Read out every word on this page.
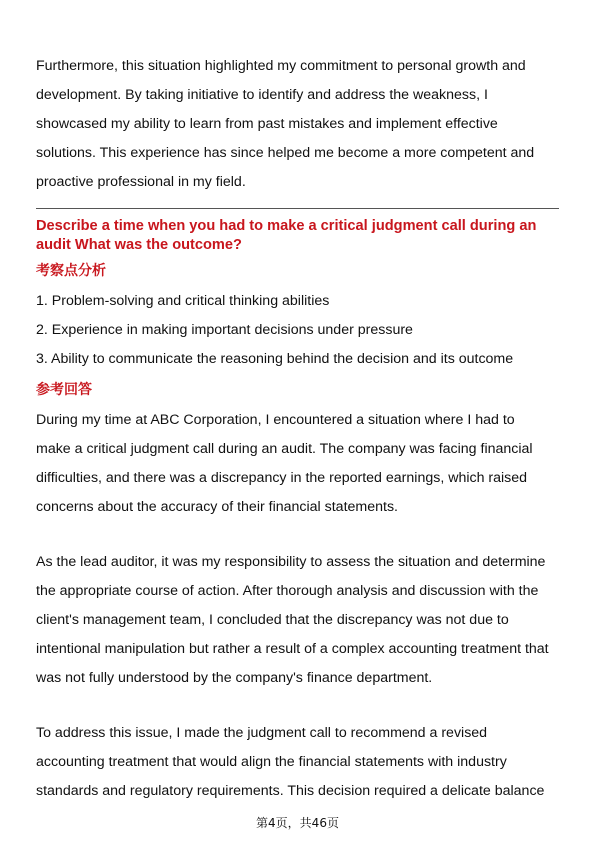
Furthermore, this situation highlighted my commitment to personal growth and

development. By taking initiative to identify and address the weakness, I

showcased my ability to learn from past mistakes and implement effective

solutions. This experience has since helped me become a more competent and

proactive professional in my field.

Describe a time when you had to make a critical judgment call during an audit What was the outcome?

考察点分析

1. Problem-solving and critical thinking abilities

2. Experience in making important decisions under pressure

3. Ability to communicate the reasoning behind the decision and its outcome

参考回答

During my time at ABC Corporation, I encountered a situation where I had to

make a critical judgment call during an audit. The company was facing financial

difficulties, and there was a discrepancy in the reported earnings, which raised

concerns about the accuracy of their financial statements.

As the lead auditor, it was my responsibility to assess the situation and determine

the appropriate course of action. After thorough analysis and discussion with the

client's management team, I concluded that the discrepancy was not due to

intentional manipulation but rather a result of a complex accounting treatment that

was not fully understood by the company's finance department.

To address this issue, I made the judgment call to recommend a revised

accounting treatment that would align the financial statements with industry

standards and regulatory requirements. This decision required a delicate balance

第4页，共46页
